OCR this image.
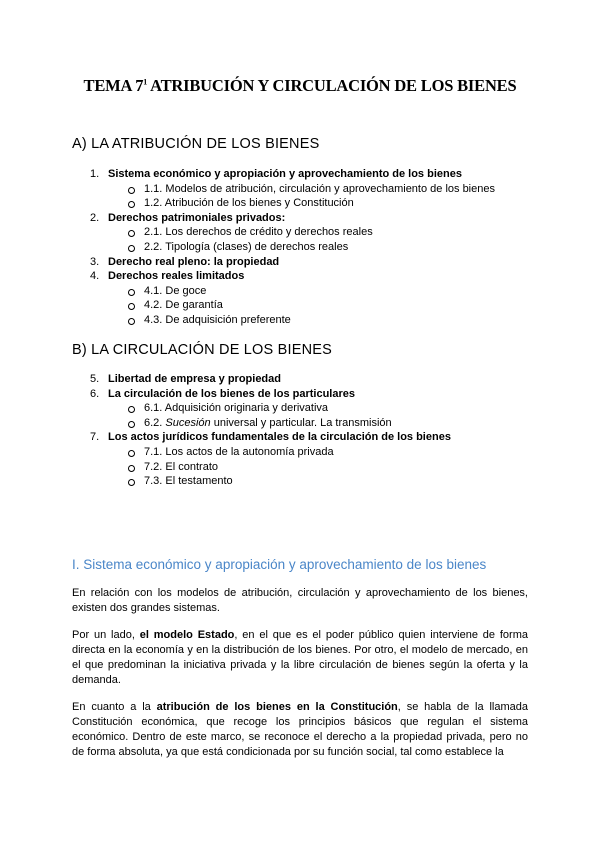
TEMA $7^1$ ATRIBUCIÓN Y CIRCULACIÓN DE LOS BIENES
A) LA ATRIBUCIÓN DE LOS BIENES
1. Sistema económico y apropiación y aprovechamiento de los bienes
1.1. Modelos de atribución, circulación y aprovechamiento de los bienes
1.2. Atribución de los bienes y Constitución
2. Derechos patrimoniales privados:
2.1. Los derechos de crédito y derechos reales
2.2. Tipología (clases) de derechos reales
3. Derecho real pleno: la propiedad
4. Derechos reales limitados
4.1. De goce
4.2. De garantía
4.3. De adquisición preferente
B) LA CIRCULACIÓN DE LOS BIENES
5. Libertad de empresa y propiedad
6. La circulación de los bienes de los particulares
6.1. Adquisición originaria y derivativa
6.2. Sucesión universal y particular. La transmisión
7. Los actos jurídicos fundamentales de la circulación de los bienes
7.1. Los actos de la autonomía privada
7.2. El contrato
7.3. El testamento
I. Sistema económico y apropiación y aprovechamiento de los bienes

En relación con los modelos de atribución, circulación y aprovechamiento de los bienes, existen dos grandes sistemas.

Por un lado, el modelo Estado, en el que es el poder público quien interviene de forma directa en la economía y en la distribución de los bienes. Por otro, el modelo de mercado, en el que predominan la iniciativa privada y la libre circulación de bienes según la oferta y la demanda.

En cuanto a la atribución de los bienes en la Constitución, se habla de la llamada Constitución económica, que recoge los principios básicos que regulan el sistema económico. Dentro de este marco, se reconoce el derecho a la propiedad privada, pero no de forma absoluta, ya que está condicionada por su función social, tal como establece la
